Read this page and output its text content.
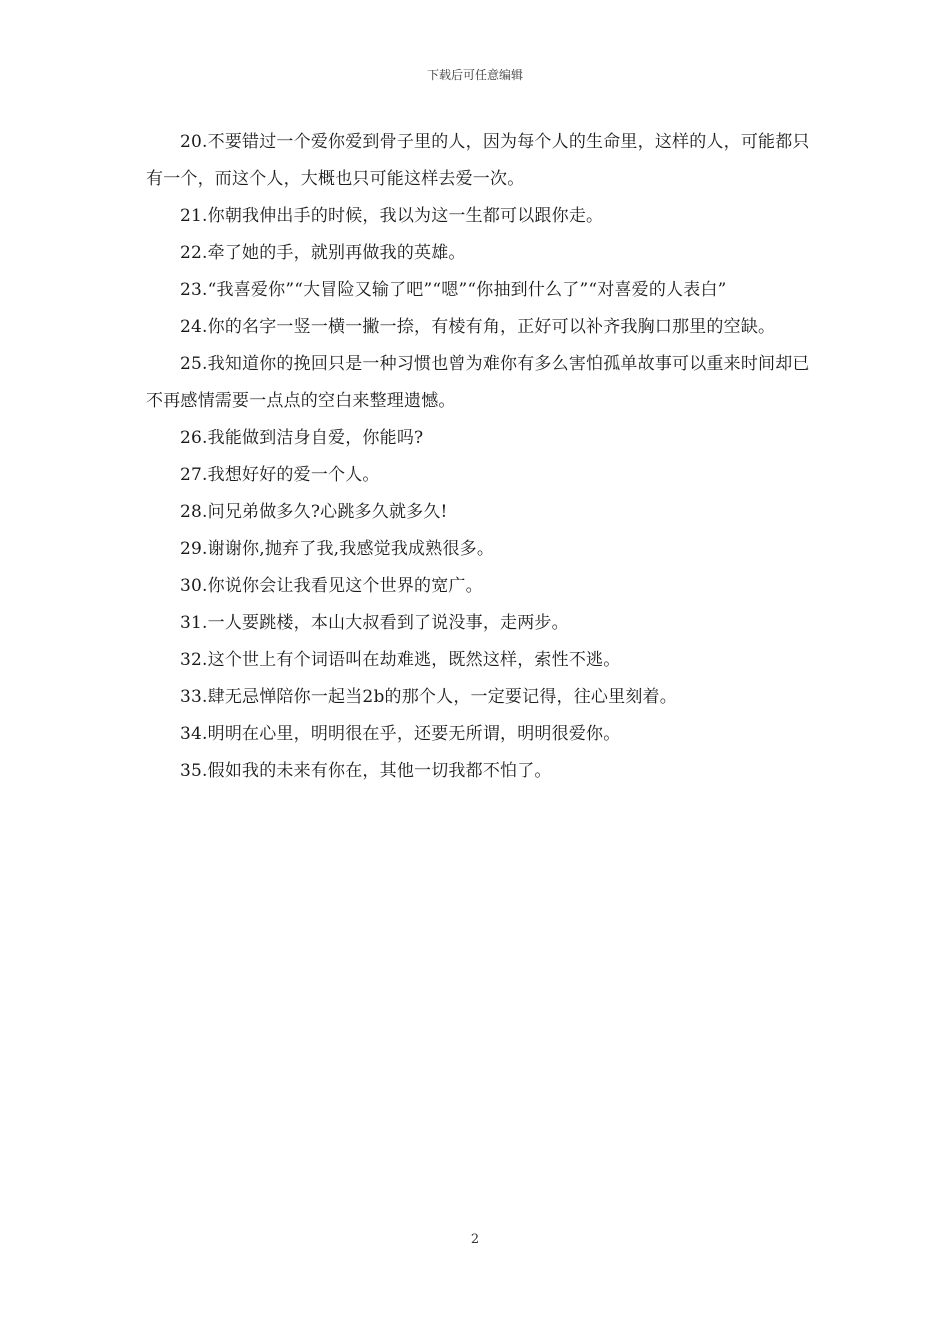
下载后可任意编辑

20.不要错过一个爱你爱到骨子里的人，因为每个人的生命里，这样的人，可能都只有一个，而这个人，大概也只可能这样去爱一次。

21.你朝我伸出手的时候，我以为这一生都可以跟你走。

22.牵了她的手，就别再做我的英雄。

23.“我喜爱你”“大冒险又输了吧”“嗯”“你抽到什么了”“对喜爱的人表白”

24.你的名字一竖一横一撇一捺，有棱有角，正好可以补齐我胸口那里的空缺。

25.我知道你的挽回只是一种习惯也曾为难你有多么害怕孤单故事可以重来时间却已不再感情需要一点点的空白来整理遗憾。

26.我能做到洁身自爱，你能吗?

27.我想好好的爱一个人。

28.问兄弟做多久?心跳多久就多久!

29.谢谢你,抛弃了我,我感觉我成熟很多。

30.你说你会让我看见这个世界的宽广。

31.一人要跳楼，本山大叔看到了说没事，走两步。

32.这个世上有个词语叫在劫难逃，既然这样，索性不逃。

33.肆无忌惮陪你一起当2b的那个人，一定要记得，往心里刻着。

34.明明在心里，明明很在乎，还要无所谓，明明很爱你。

35.假如我的未来有你在，其他一切我都不怕了。

2
